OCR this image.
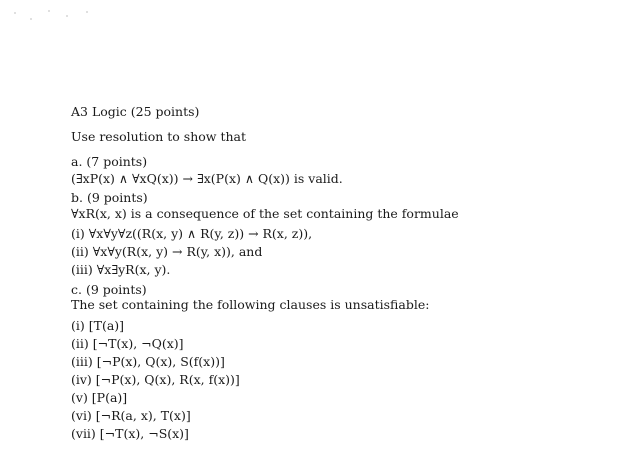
A3 Logic (25 points)
Use resolution to show that
a. (7 points)
(∃xP(x) ∧ ∀xQ(x)) → ∃x(P(x) ∧ Q(x)) is valid.
b. (9 points)
∀xR(x, x) is a consequence of the set containing the formulae
(i) ∀x∀y∀z((R(x, y) ∧ R(y, z)) → R(x, z)),
(ii) ∀x∀y(R(x, y) → R(y, x)), and
(iii) ∀x∃yR(x, y).
c. (9 points)
The set containing the following clauses is unsatisfiable:
(i) [T(a)]
(ii) [¬T(x), ¬Q(x)]
(iii) [¬P(x), Q(x), S(f(x))]
(iv) [¬P(x), Q(x), R(x, f(x))]
(v) [P(a)]
(vi) [¬R(a, x), T(x)]
(vii) [¬T(x), ¬S(x)]
